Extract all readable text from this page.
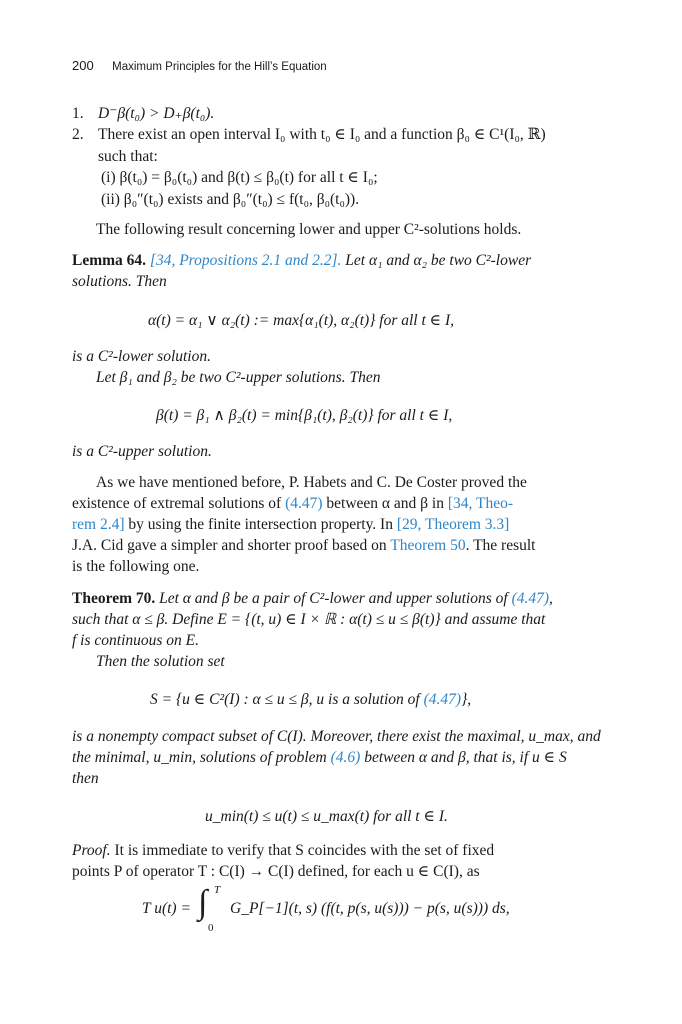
200 Maximum Principles for the Hill’s Equation
1. D⁻β(t₀) > D₊β(t₀).
2. There exist an open interval I₀ with t₀ ∈ I₀ and a function β₀ ∈ C¹(I₀, ℝ)
such that:
(i) β(t₀) = β₀(t₀) and β(t) ≤ β₀(t) for all t ∈ I₀;
(ii) β₀″(t₀) exists and β₀″(t₀) ≤ f(t₀, β₀(t₀)).
The following result concerning lower and upper C²-solutions holds.
Lemma 64. [34, Propositions 2.1 and 2.2]. Let α₁ and α₂ be two C²-lower
solutions. Then
α(t) = α₁ ∨ α₂(t) := max{α₁(t), α₂(t)} for all t ∈ I,
is a C²-lower solution.
Let β₁ and β₂ be two C²-upper solutions. Then
β(t) = β₁ ∧ β₂(t) = min{β₁(t), β₂(t)} for all t ∈ I,
is a C²-upper solution.
As we have mentioned before, P. Habets and C. De Coster proved the
existence of extremal solutions of (4.47) between α and β in [34, Theo-
rem 2.4] by using the finite intersection property. In [29, Theorem 3.3]
J.A. Cid gave a simpler and shorter proof based on Theorem 50. The result
is the following one.
Theorem 70. Let α and β be a pair of C²-lower and upper solutions of (4.47),
such that α ≤ β. Define E = {(t, u) ∈ I × ℝ : α(t) ≤ u ≤ β(t)} and assume that
f is continuous on E.
Then the solution set
S = {u ∈ C²(I) : α ≤ u ≤ β, u is a solution of (4.47)},
is a nonempty compact subset of C(I). Moreover, there exist the maximal, u_max, and
the minimal, u_min, solutions of problem (4.6) between α and β, that is, if u ∈ S
then
u_min(t) ≤ u(t) ≤ u_max(t) for all t ∈ I.
Proof. It is immediate to verify that S coincides with the set of fixed
points P of operator T : C(I) → C(I) defined, for each u ∈ C(I), as
T u(t) = ∫ T
0
G_P[−1](t, s) (f(t, p(s, u(s))) − p(s, u(s))) ds,
